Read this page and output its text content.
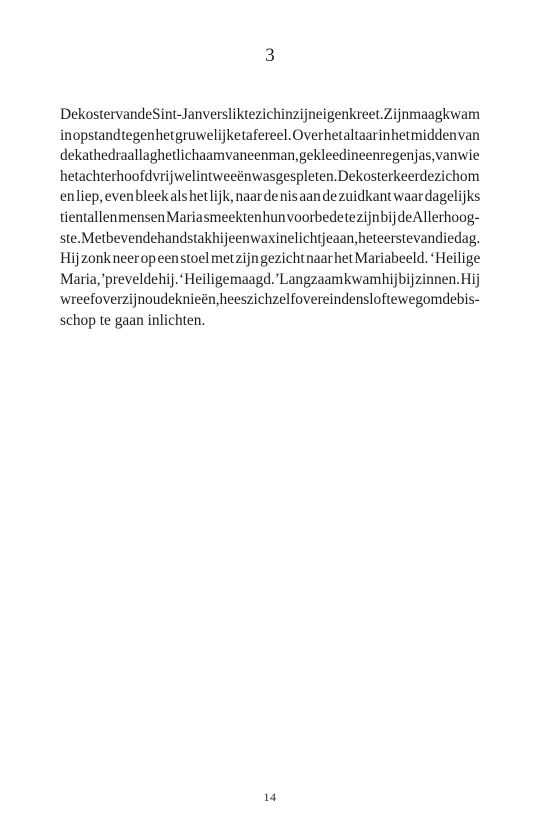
3
De koster van de Sint-Jan verslikte zich in zijn eigen kreet. Zijn maag kwam
in opstand tegen het gruwelijke tafereel. Over het altaar in het midden van
de kathedraal lag het lichaam van een man, gekleed in een regenjas, van wie
het achterhoofd vrijwel in tweeën was gespleten. De koster keerde zich om
en liep, even bleek als het lijk, naar de nis aan de zuidkant waar dagelijks
tientallen mensen Maria smeekten hun voorbede te zijn bij de Allerhoog-
ste. Met bevende hand stak hij een waxinelichtje aan, het eerste van die dag.
Hij zonk neer op een stoel met zijn gezicht naar het Mariabeeld. ‘Heilige
Maria,’ prevelde hij. ‘Heilige maagd.’ Langzaam kwam hij bij zinnen. Hij
wreef over zijn oude knieën, hees zichzelf overeind en slofte weg om de bis-
schop te gaan inlichten.
14
